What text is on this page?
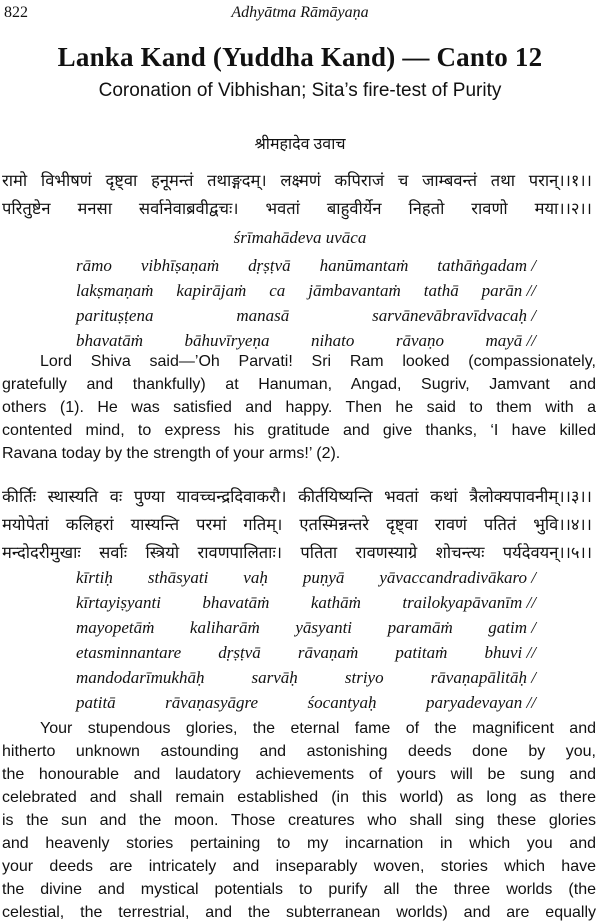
822	Adhyātma Rāmāyaṇa
Lanka Kand (Yuddha Kand) — Canto 12
Coronation of Vibhishan; Sita’s fire-test of Purity
श्रीमहादेव उवाच
रामो विभीषणं दृष्ट्वा हनूमन्तं तथाङ्गदम्। लक्ष्मणं कपिराजं च जाम्बवन्तं तथा परान्।।१।।
परितुष्टेन मनसा सर्वानेवाब्रवीद्वचः। भवतां बाहुवीर्येन निहतो रावणो मया।।२।।
śrīmahādeva uvāca
rāmo vibhīṣaṇaṁ dṛṣṭvā hanūmantaṁ tathāṅgadam /
lakṣmaṇaṁ kapirājaṁ ca jāmbavantaṁ tathā parān //
parituṣṭena	manasā	sarvānevābravīdvacaḥ /
bhavatāṁ bāhuvīryeṇa nihato rāvaṇo mayā //
Lord Shiva said—’Oh Parvati! Sri Ram looked (compassionately,
gratefully and thankfully) at Hanuman, Angad, Sugriv, Jamvant and
others (1). He was satisfied and happy. Then he said to them with a
contented mind, to express his gratitude and give thanks, ‘I have killed
Ravana today by the strength of your arms!’ (2).
कीर्तिः स्थास्यति वः पुण्या यावच्चन्द्रदिवाकरौ। कीर्तयिष्यन्ति भवतां कथां त्रैलोक्यपावनीम्।।३।।
मयोपेतां कलिहरां यास्यन्ति परमां गतिम्। एतस्मिन्नन्तरे दृष्ट्वा रावणं पतितं भुवि।।४।।
मन्दोदरीमुखाः सर्वाः स्त्रियो रावणपालिताः। पतिता रावणस्याग्रे शोचन्त्यः पर्यदेवयन्।।५।।
kīrtiḥ sthāsyati vaḥ puṇyā yāvaccandradivākaro /
kīrtayiṣyanti bhavatāṁ kathāṁ trailokyapāvanīm //
mayopetāṁ kaliharāṁ yāsyanti paramāṁ gatim /
etasminnantare dṛṣṭvā rāvaṇaṁ patitaṁ bhuvi //
mandodarīmukhāḥ	sarvāḥ	striyo	rāvaṇapālitāḥ /
patitā	rāvaṇasyāgre	śocantyaḥ	paryadevayan //
Your stupendous glories, the eternal fame of the magnificent and
hitherto unknown astounding and astonishing deeds done by you,
the honourable and laudatory achievements of yours will be sung and
celebrated and shall remain established (in this world) as long as there
is the sun and the moon. Those creatures who shall sing these glories
and heavenly stories pertaining to my incarnation in which you and
your deeds are intricately and inseparably woven, stories which have
the divine and mystical potentials to purify all the three worlds (the
celestial, the terrestrial, and the subterranean worlds) and are equally
